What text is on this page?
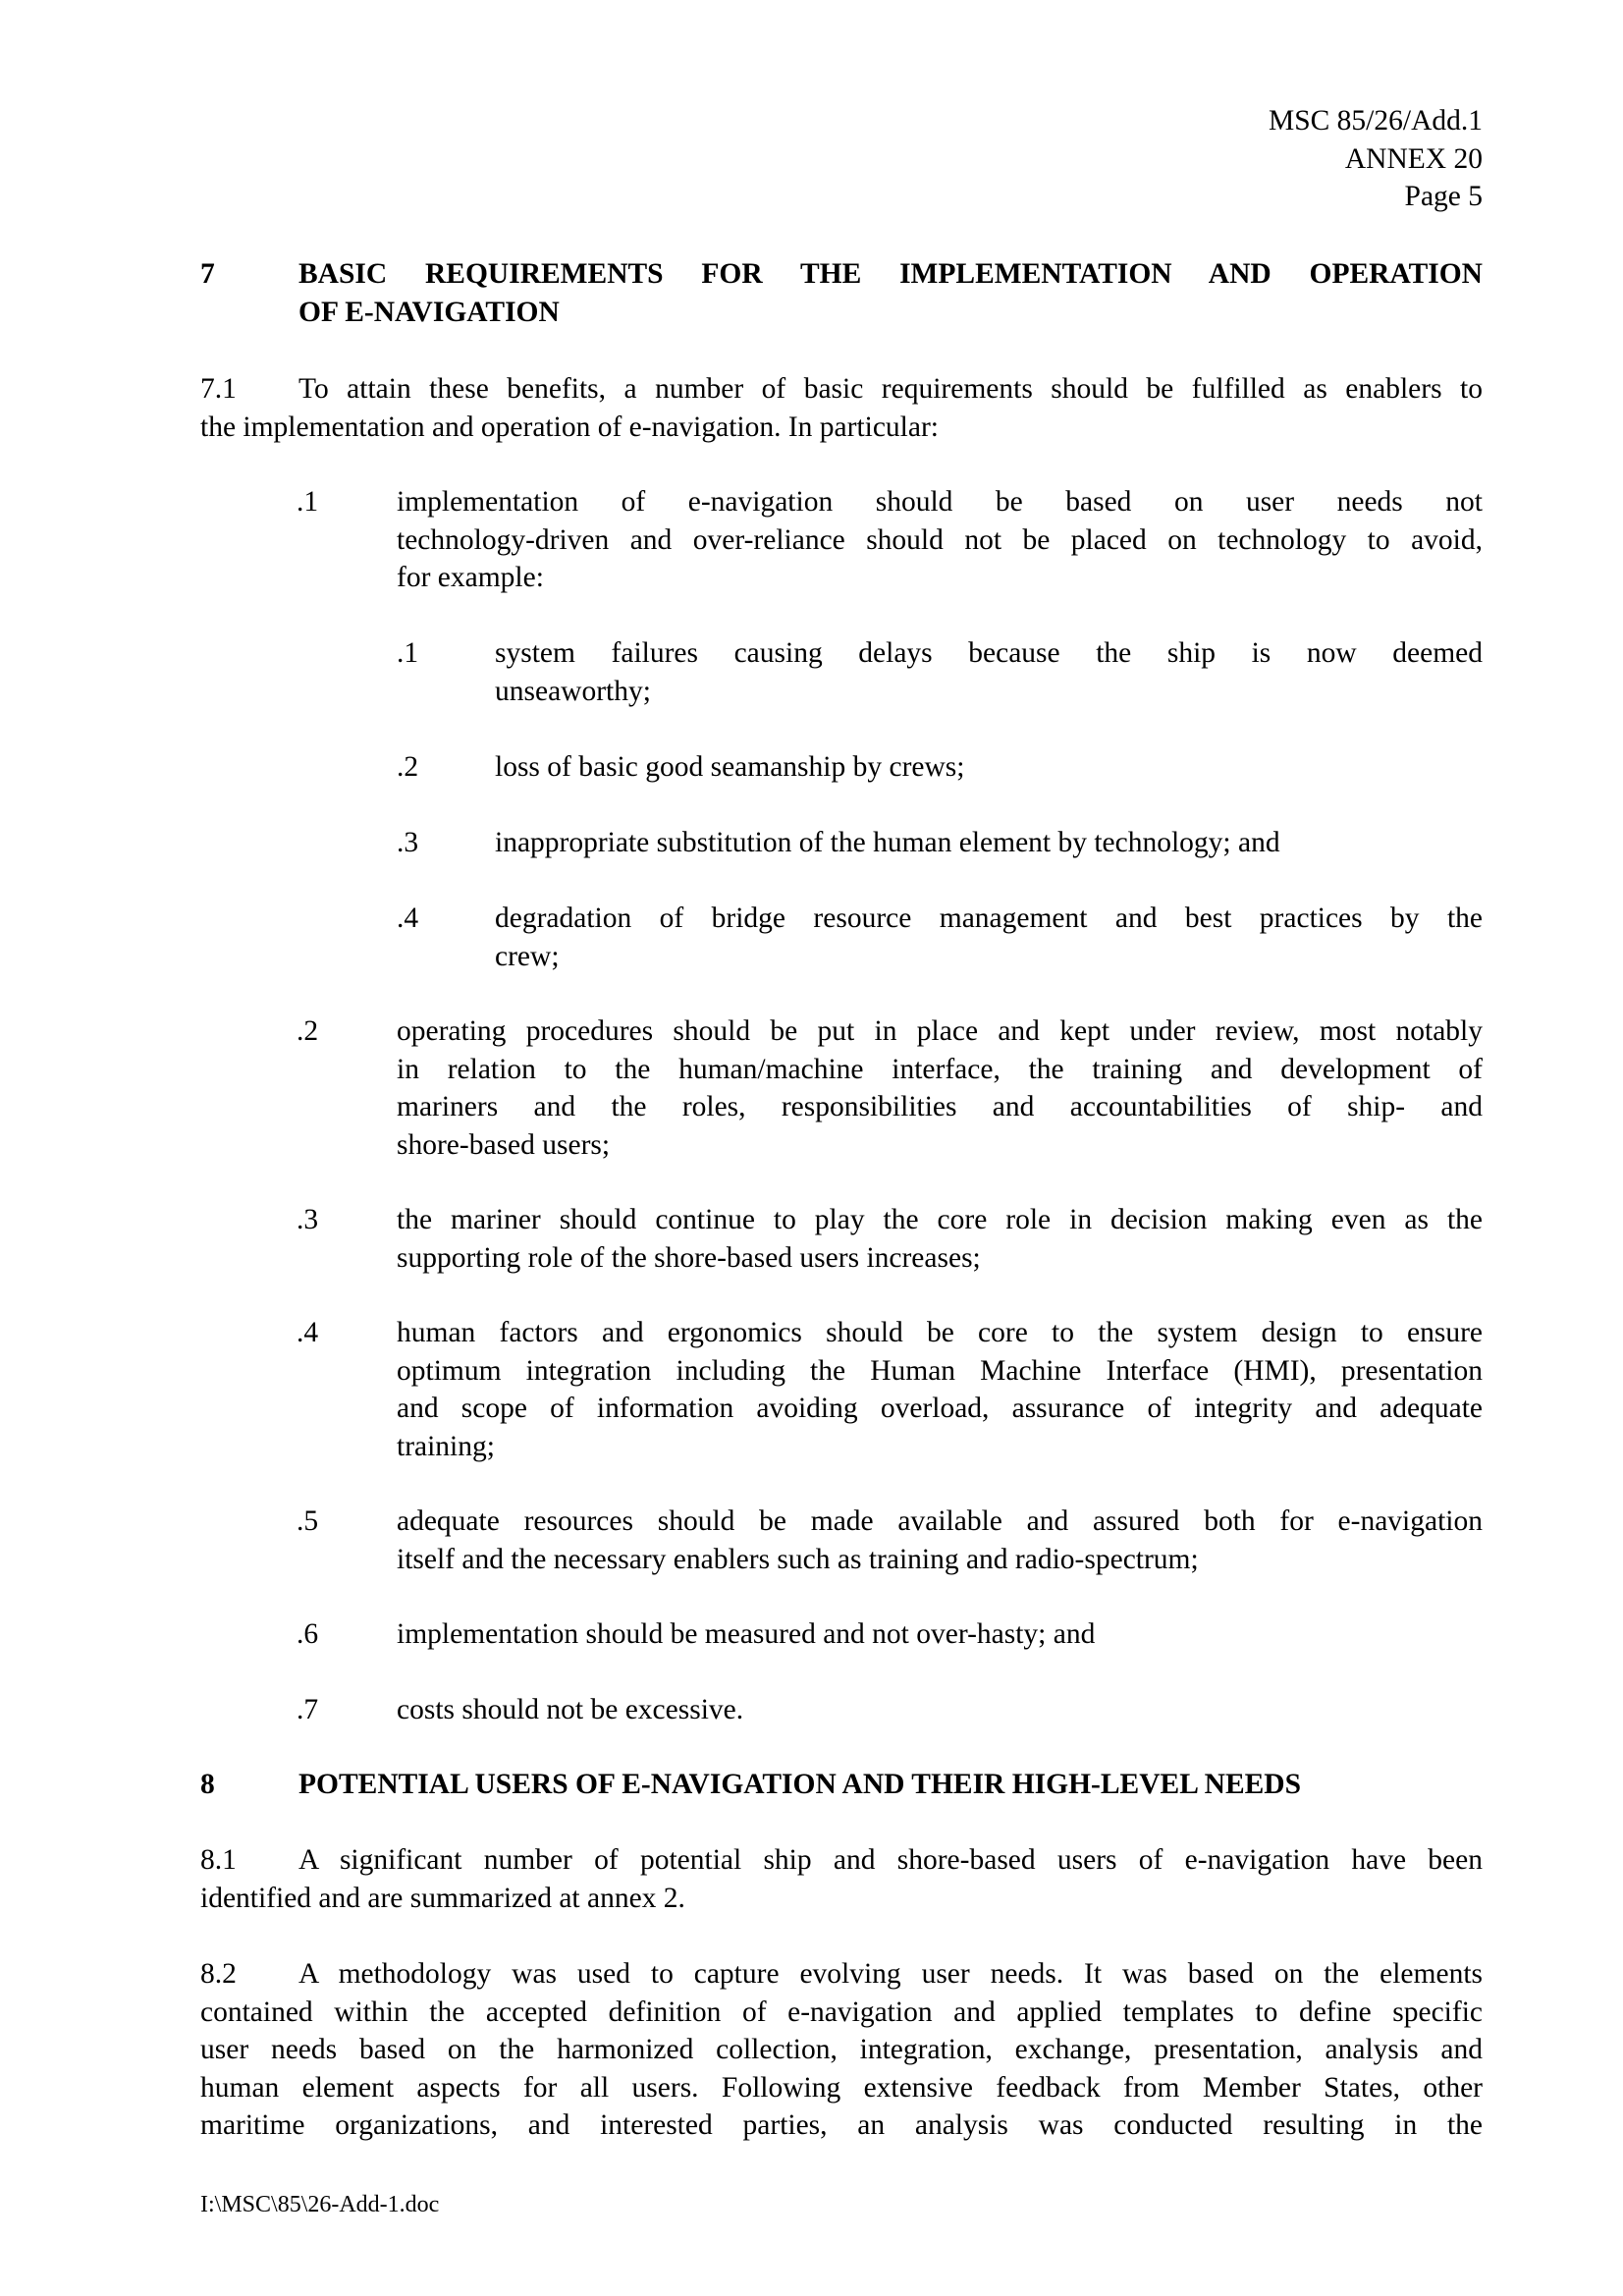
MSC 85/26/Add.1
ANNEX 20
Page 5
7	BASIC REQUIREMENTS FOR THE IMPLEMENTATION AND OPERATION
OF E-NAVIGATION
7.1 To attain these benefits, a number of basic requirements should be fulfilled as enablers to
the implementation and operation of e-navigation. In particular:
.1	implementation of e-navigation should be based on user needs not
technology-driven and over-reliance should not be placed on technology to avoid,
for example:
.1	system failures causing delays because the ship is now deemed
unseaworthy;
.2	loss of basic good seamanship by crews;
.3	inappropriate substitution of the human element by technology; and
.4	degradation of bridge resource management and best practices by the
crew;
.2	operating procedures should be put in place and kept under review, most notably
in relation to the human/machine interface, the training and development of
mariners and the roles, responsibilities and accountabilities of ship- and
shore-based users;
.3	the mariner should continue to play the core role in decision making even as the
supporting role of the shore-based users increases;
.4	human factors and ergonomics should be core to the system design to ensure
optimum integration including the Human Machine Interface (HMI), presentation
and scope of information avoiding overload, assurance of integrity and adequate
training;
.5	adequate resources should be made available and assured both for e-navigation
itself and the necessary enablers such as training and radio-spectrum;
.6	implementation should be measured and not over-hasty; and
.7	costs should not be excessive.
8	POTENTIAL USERS OF E-NAVIGATION AND THEIR HIGH-LEVEL NEEDS
8.1 A significant number of potential ship and shore-based users of e-navigation have been
identified and are summarized at annex 2.
8.2 A methodology was used to capture evolving user needs. It was based on the elements
contained within the accepted definition of e-navigation and applied templates to define specific
user needs based on the harmonized collection, integration, exchange, presentation, analysis and
human element aspects for all users. Following extensive feedback from Member States, other
maritime organizations, and interested parties, an analysis was conducted resulting in the
I:\MSC\85\26-Add-1.doc
